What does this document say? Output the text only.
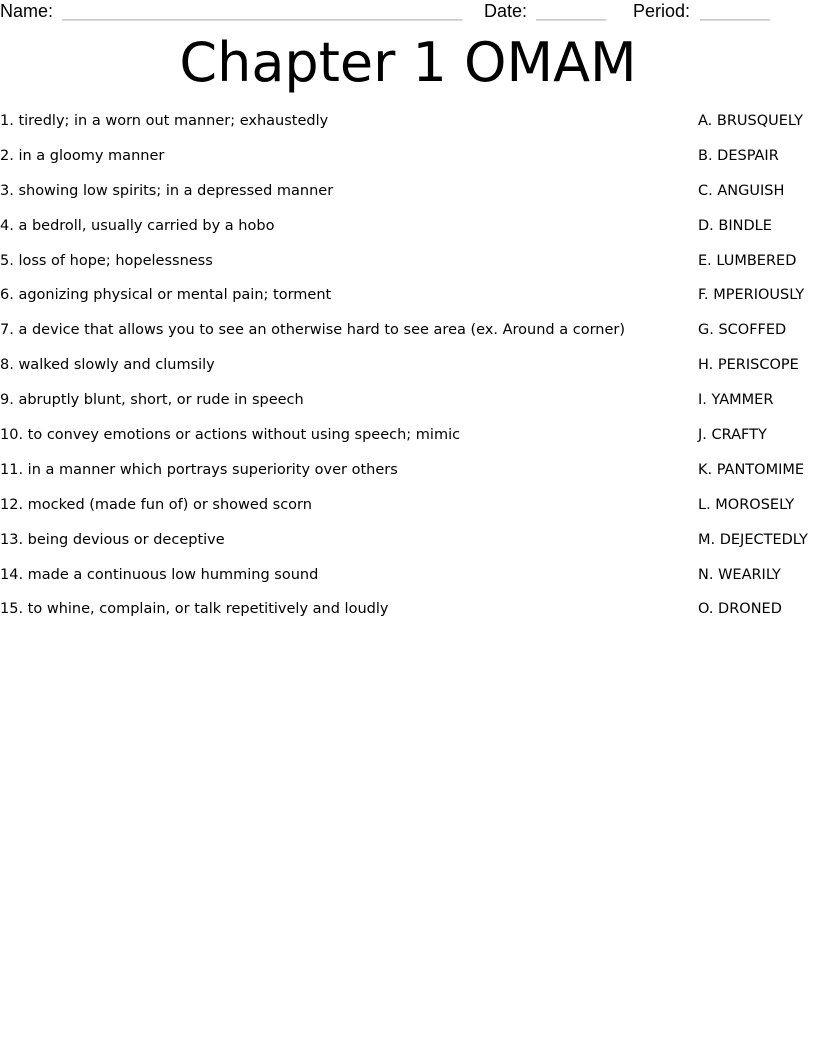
Name: ________________________________________ Date: _______	Period: _______
Chapter 1 OMAM
1. tiredly; in a worn out manner; exhaustedly	A. BRUSQUELY
2. in a gloomy manner	B. DESPAIR
3. showing low spirits; in a depressed manner	C. ANGUISH
4. a bedroll, usually carried by a hobo	D. BINDLE
5. loss of hope; hopelessness	E. LUMBERED
6. agonizing physical or mental pain; torment	F. MPERIOUSLY
7. a device that allows you to see an otherwise hard to see area (ex. Around a corner)	G. SCOFFED
8. walked slowly and clumsily	H. PERISCOPE
9. abruptly blunt, short, or rude in speech	I. YAMMER
10. to convey emotions or actions without using speech; mimic	J. CRAFTY
11. in a manner which portrays superiority over others	K. PANTOMIME
12. mocked (made fun of) or showed scorn	L. MOROSELY
13. being devious or deceptive	M. DEJECTEDLY
14. made a continuous low humming sound	N. WEARILY
15. to whine, complain, or talk repetitively and loudly	O. DRONED
